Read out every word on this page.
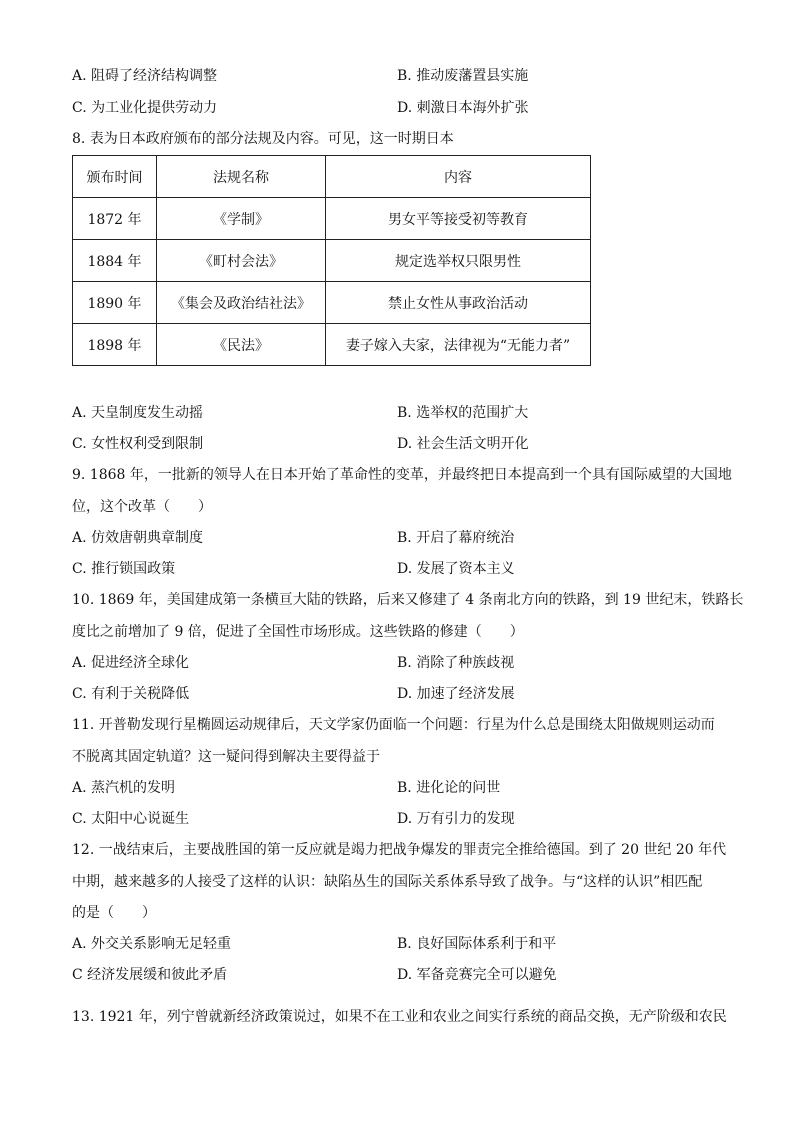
A. 阻碍了经济结构调整	B. 推动废藩置县实施
C. 为工业化提供劳动力	D. 刺激日本海外扩张
8. 表为日本政府颁布的部分法规及内容。可见，这一时期日本
颁布时间	法规名称	内容
1872 年	《学制》	男女平等接受初等教育
1884 年	《町村会法》	规定选举权只限男性
1890 年	《集会及政治结社法》	禁止女性从事政治活动
1898 年	《民法》	妻子嫁入夫家，法律视为“无能力者”
A. 天皇制度发生动摇	B. 选举权的范围扩大
C. 女性权利受到限制	D. 社会生活文明开化
9. 1868 年，一批新的领导人在日本开始了革命性的变革，并最终把日本提高到一个具有国际威望的大国地
位，这个改革（　　）
A. 仿效唐朝典章制度	B. 开启了幕府统治
C. 推行锁国政策	D. 发展了资本主义
10. 1869 年，美国建成第一条横亘大陆的铁路，后来又修建了 4 条南北方向的铁路，到 19 世纪末，铁路长
度比之前增加了 9 倍，促进了全国性市场形成。这些铁路的修建（　　）
A. 促进经济全球化	B. 消除了种族歧视
C. 有利于关税降低	D. 加速了经济发展
11. 开普勒发现行星椭圆运动规律后，天文学家仍面临一个问题：行星为什么总是围绕太阳做规则运动而
不脱离其固定轨道？这一疑问得到解决主要得益于
A. 蒸汽机的发明	B. 进化论的问世
C. 太阳中心说诞生	D. 万有引力的发现
12. 一战结束后，主要战胜国的第一反应就是竭力把战争爆发的罪责完全推给德国。到了 20 世纪 20 年代
中期，越来越多的人接受了这样的认识：缺陷丛生的国际关系体系导致了战争。与“这样的认识”相匹配
的是（　　）
A. 外交关系影响无足轻重	B. 良好国际体系利于和平
C 经济发展缓和彼此矛盾	D. 军备竞赛完全可以避免
13. 1921 年，列宁曾就新经济政策说过，如果不在工业和农业之间实行系统的商品交换，无产阶级和农民
